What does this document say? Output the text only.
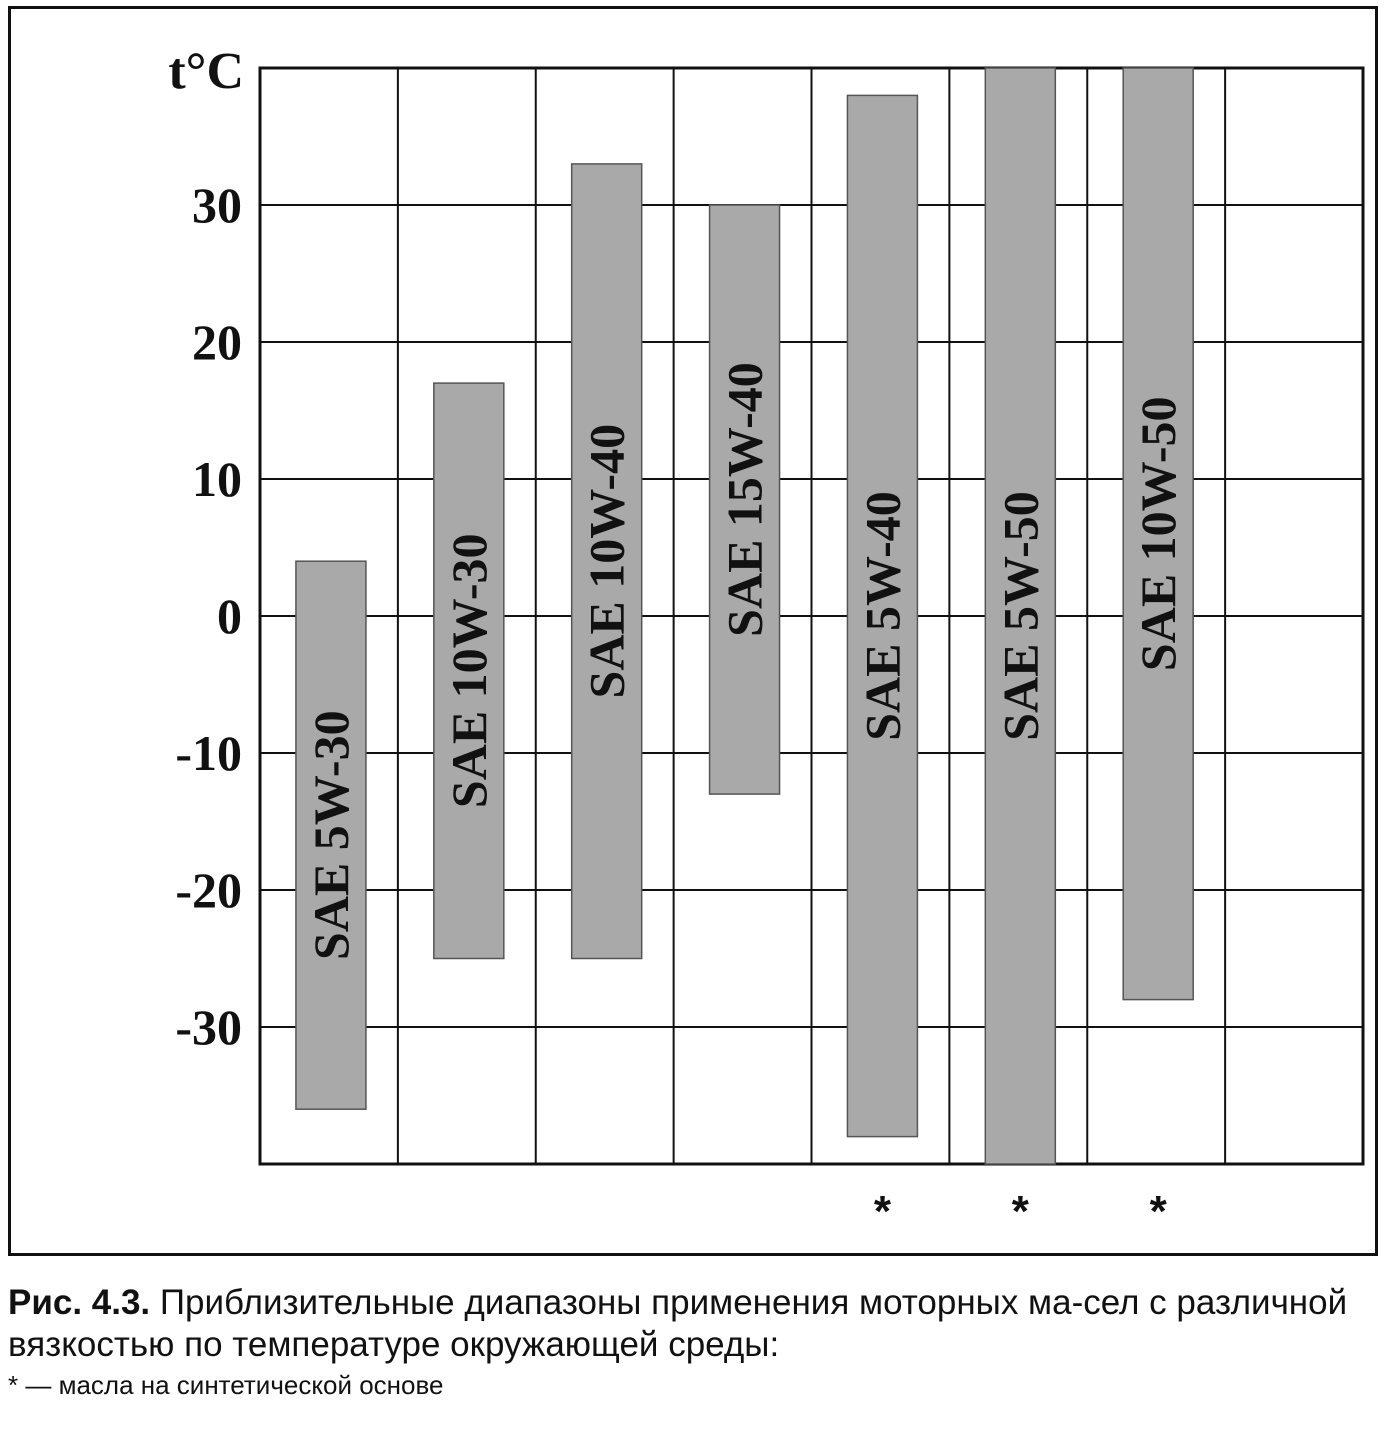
30
20
10
0
-10
-20
-30
t°C
SAE 5W-30
SAE 10W-30 SAE 10W-40 SAE 15W-40 SAE 5W-40
*
SAE 5W-50
*
SAE 10W-50
*
Рис. 4.3. Приблизительные диапазоны применения моторных ма-сел с различной вязкостью по температуре окружающей среды:
* — масла на синтетической основе
